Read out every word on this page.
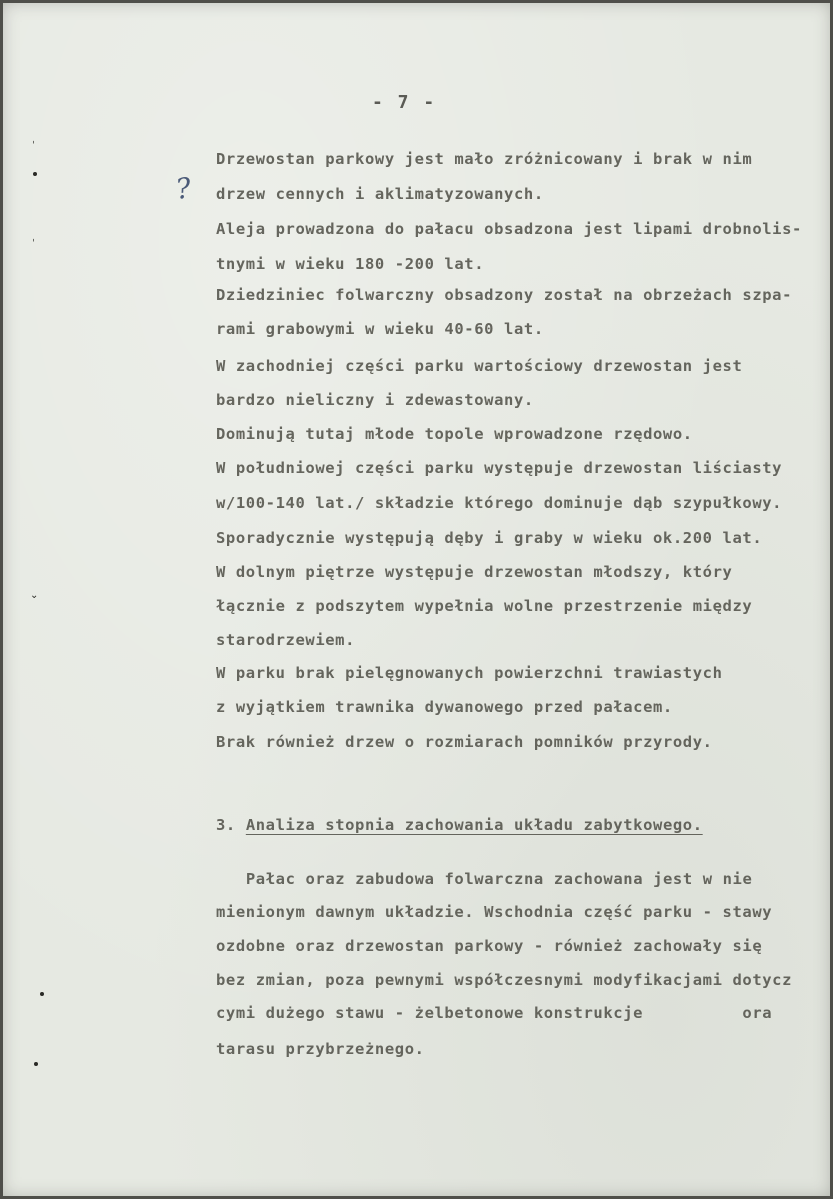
ˌ
ˌ
⌄
- 7 -
?
Drzewostan parkowy jest mało zróżnicowany i brak w nim
drzew cennych i aklimatyzowanych.
Aleja prowadzona do pałacu obsadzona jest lipami drobnolis-
tnymi w wieku 180 -200 lat.
Dziedziniec folwarczny obsadzony został na obrzeżach szpa-
rami grabowymi w wieku 40-60 lat.
W zachodniej części parku wartościowy drzewostan jest
bardzo nieliczny i zdewastowany.
Dominują tutaj młode topole wprowadzone rzędowo.
W południowej części parku występuje drzewostan liściasty
w/100-140 lat./ składzie którego dominuje dąb szypułkowy.
Sporadycznie występują dęby i graby w wieku ok.200 lat.
W dolnym piętrze występuje drzewostan młodszy, który
łącznie z podszytem wypełnia wolne przestrzenie między
starodrzewiem.
W parku brak pielęgnowanych powierzchni trawiastych
z wyjątkiem trawnika dywanowego przed pałacem.
Brak również drzew o rozmiarach pomników przyrody.
3. Analiza stopnia zachowania układu zabytkowego.
Pałac oraz zabudowa folwarczna zachowana jest w nie
mienionym dawnym układzie. Wschodnia część parku - stawy
ozdobne oraz drzewostan parkowy - również zachowały się
bez zmian, poza pewnymi współczesnymi modyfikacjami dotycz
cymi dużego stawu - żelbetonowe konstrukcje          ora
tarasu przybrzeżnego.
